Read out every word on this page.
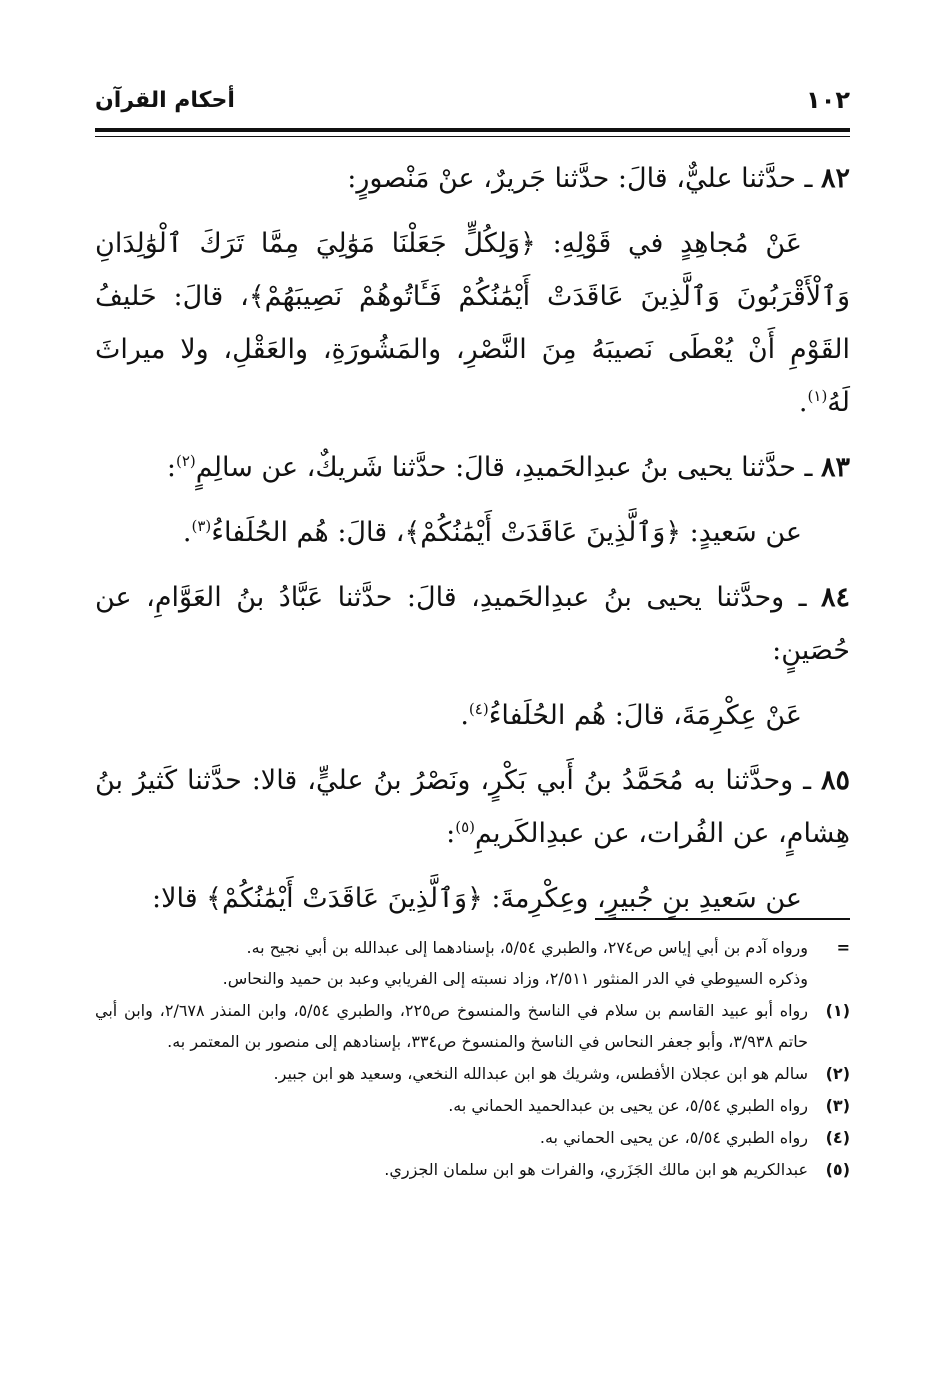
١٠٢
أحكام القرآن

٨٢ ـ حدَّثنا عليٌّ، قالَ: حدَّثنا جَريرٌ، عنْ مَنْصورٍ:

عَنْ مُجاهِدٍ في قَوْلِهِ: ﴿وَلِكُلٍّ جَعَلْنَا مَوَٰلِيَ مِمَّا تَرَكَ ٱلْوَٰلِدَانِ وَٱلْأَقْرَبُونَ وَٱلَّذِينَ عَاقَدَتْ أَيْمَٰنُكُمْ فَـَٔاتُوهُمْ نَصِيبَهُمْ﴾، قالَ: حَليفُ القَوْمِ أَنْ يُعْطَى نَصيبَهُ مِنَ النَّصْرِ، والمَشُورَةِ، والعَقْلِ، ولا ميراثَ لَهُ$^{(١)}$.

٨٣ ـ حدَّثنا يحيى بنُ عبدِالحَميدِ، قالَ: حدَّثنا شَريكٌ، عن سالِمٍ$^{(٢)}$:

عن سَعيدٍ: ﴿وَٱلَّذِينَ عَاقَدَتْ أَيْمَٰنُكُمْ﴾، قالَ: هُم الحُلَفاءُ$^{(٣)}$.

٨٤ ـ وحدَّثنا يحيى بنُ عبدِالحَميدِ، قالَ: حدَّثنا عَبَّادُ بنُ العَوَّامِ، عن حُصَينٍ:

عَنْ عِكْرِمَةَ، قالَ: هُم الحُلَفاءُ$^{(٤)}$.

٨٥ ـ وحدَّثنا به مُحَمَّدُ بنُ أَبي بَكْرٍ، ونَصْرُ بنُ عليٍّ، قالا: حدَّثنا كَثيرُ بنُ هِشامٍ، عن الفُرات، عن عبدِالكَريمِ$^{(٥)}$:

عن سَعيدِ بنِ جُبيرٍ، وعِكْرِمةَ: ﴿وَٱلَّذِينَ عَاقَدَتْ أَيْمَٰنُكُمْ﴾ قالا:

=

ورواه آدم بن أبي إياس ص٢٧٤، والطبري ٥/٥٤، بإسنادهما إلى عبدالله بن أبي نجيح به.

وذكره السيوطي في الدر المنثور ٢/٥١١، وزاد نسبته إلى الفريابي وعبد بن حميد والنحاس.

(١)

رواه أبو عبيد القاسم بن سلام في الناسخ والمنسوخ ص٢٢٥، والطبري ٥/٥٤، وابن المنذر ٢/٦٧٨، وابن أبي حاتم ٣/٩٣٨، وأبو جعفر النحاس في الناسخ والمنسوخ ص٣٣٤، بإسنادهم إلى منصور بن المعتمر به.

(٢)

سالم هو ابن عجلان الأفطس، وشريك هو ابن عبدالله النخعي، وسعيد هو ابن جبير.

(٣)

رواه الطبري ٥/٥٤، عن يحيى بن عبدالحميد الحماني به.

(٤)

رواه الطبري ٥/٥٤، عن يحيى الحماني به.

(٥)

عبدالكريم هو ابن مالك الجَزَري، والفرات هو ابن سلمان الجزري.
